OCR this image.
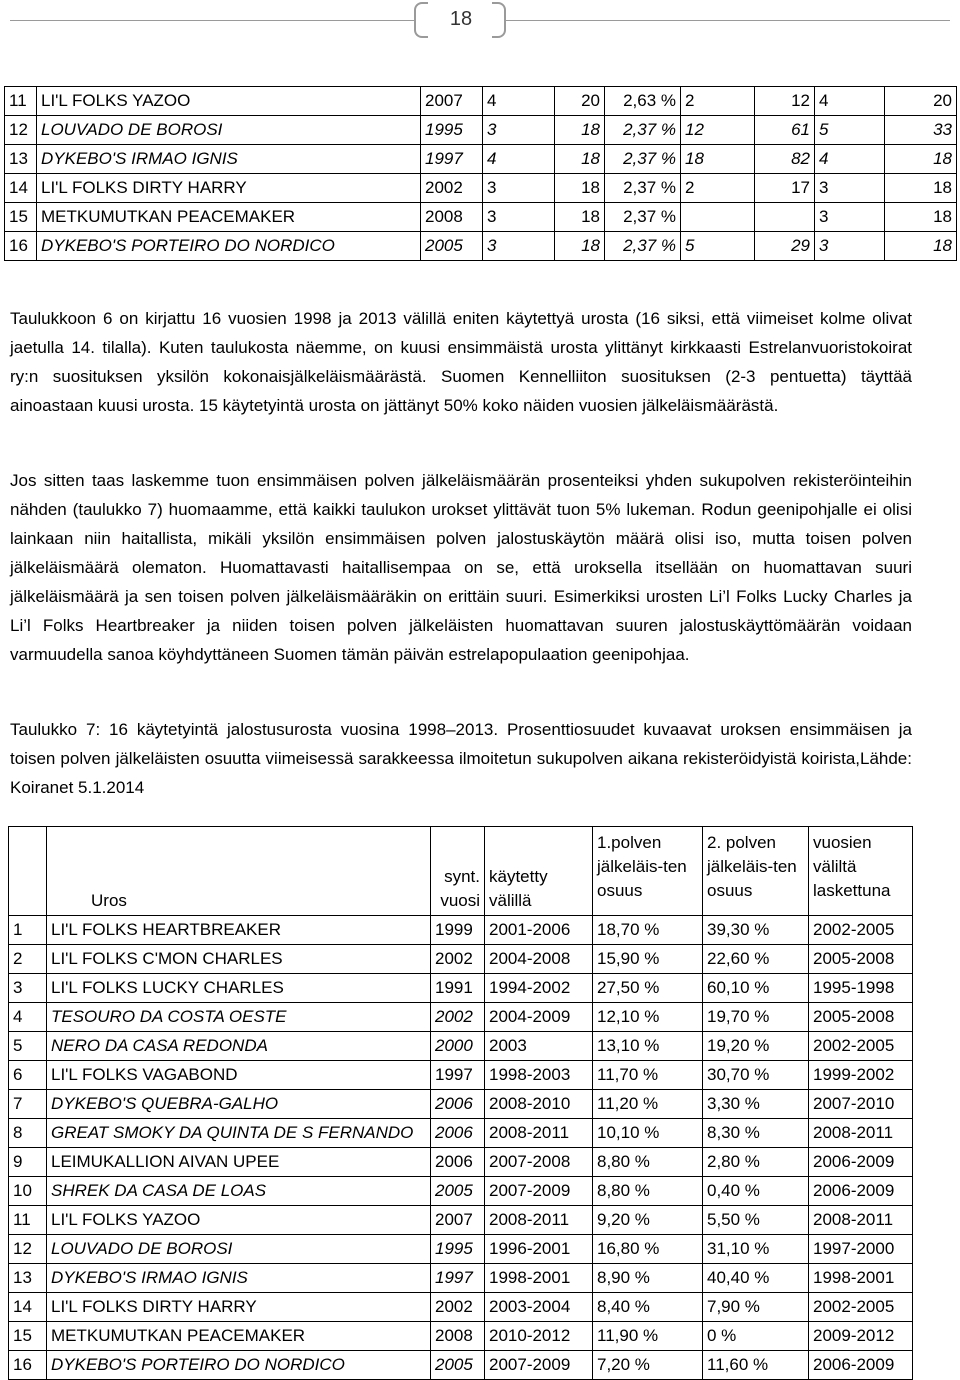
18
11	LI'L FOLKS YAZOO	2007	4	20	2,63 %	2	12	4	20
12	LOUVADO DE BOROSI	1995	3	18	2,37 %	12	61	5	33
13	DYKEBO'S IRMAO IGNIS	1997	4	18	2,37 %	18	82	4	18
14	LI'L FOLKS DIRTY HARRY	2002	3	18	2,37 %	2	17	3	18
15	METKUMUTKAN PEACEMAKER	2008	3	18	2,37 %			3	18
16	DYKEBO'S PORTEIRO DO NORDICO	2005	3	18	2,37 %	5	29	3	18

Taulukkoon 6 on kirjattu 16 vuosien 1998 ja 2013 välillä eniten käytettyä urosta (16 siksi, että viimeiset kolme olivat jaetulla 14. tilalla). Kuten taulukosta näemme, on kuusi ensimmäistä urosta ylittänyt kirkkaasti Estrelanvuoristokoirat ry:n suosituksen yksilön kokonaisjälkeläismäärästä. Suomen Kennelliiton suosituksen (2-3 pentuetta) täyttää ainoastaan kuusi urosta. 15 käytetyintä urosta on jättänyt 50% koko näiden vuosien jälkeläismäärästä.

Jos sitten taas laskemme tuon ensimmäisen polven jälkeläismäärän prosenteiksi yhden sukupolven rekisteröinteihin nähden (taulukko 7) huomaamme, että kaikki taulukon urokset ylittävät tuon 5% lukeman. Rodun geenipohjalle ei olisi lainkaan niin haitallista, mikäli yksilön ensimmäisen polven jalostuskäytön määrä olisi iso, mutta toisen polven jälkeläismäärä olematon. Huomattavasti haitallisempaa on se, että uroksella itsellään on huomattavan suuri jälkeläismäärä ja sen toisen polven jälkeläismääräkin on erittäin suuri. Esimerkiksi urosten Li’l Folks Lucky Charles ja Li’l Folks Heartbreaker ja niiden toisen polven jälkeläisten huomattavan suuren jalostuskäyttömäärän voidaan varmuudella sanoa köyhdyttäneen Suomen tämän päivän estrelapopulaation geenipohjaa.

Taulukko 7: 16 käytetyintä jalostusurosta vuosina 1998–2013. Prosenttiosuudet kuvaavat uroksen ensimmäisen ja toisen polven jälkeläisten osuutta viimeisessä sarakkeessa ilmoitetun sukupolven aikana rekisteröidyistä koirista,Lähde: Koiranet 5.1.2014

	Uros	synt. vuosi	käytetty välillä	1.polven jälkeläis-ten osuus	2. polven jälkeläis-ten osuus	vuosien väliltä laskettuna
1	LI'L FOLKS HEARTBREAKER	1999	2001-2006	18,70 %	39,30 %	2002-2005
2	LI'L FOLKS C'MON CHARLES	2002	2004-2008	15,90 %	22,60 %	2005-2008
3	LI'L FOLKS LUCKY CHARLES	1991	1994-2002	27,50 %	60,10 %	1995-1998
4	TESOURO DA COSTA OESTE	2002	2004-2009	12,10 %	19,70 %	2005-2008
5	NERO DA CASA REDONDA	2000	2003	13,10 %	19,20 %	2002-2005
6	LI'L FOLKS VAGABOND	1997	1998-2003	11,70 %	30,70 %	1999-2002
7	DYKEBO'S QUEBRA-GALHO	2006	2008-2010	11,20 %	3,30 %	2007-2010
8	GREAT SMOKY DA QUINTA DE S FERNANDO	2006	2008-2011	10,10 %	8,30 %	2008-2011
9	LEIMUKALLION AIVAN UPEE	2006	2007-2008	8,80 %	2,80 %	2006-2009
10	SHREK DA CASA DE LOAS	2005	2007-2009	8,80 %	0,40 %	2006-2009
11	LI'L FOLKS YAZOO	2007	2008-2011	9,20 %	5,50 %	2008-2011
12	LOUVADO DE BOROSI	1995	1996-2001	16,80 %	31,10 %	1997-2000
13	DYKEBO'S IRMAO IGNIS	1997	1998-2001	8,90 %	40,40 %	1998-2001
14	LI'L FOLKS DIRTY HARRY	2002	2003-2004	8,40 %	7,90 %	2002-2005
15	METKUMUTKAN PEACEMAKER	2008	2010-2012	11,90 %	0 %	2009-2012
16	DYKEBO'S PORTEIRO DO NORDICO	2005	2007-2009	7,20 %	11,60 %	2006-2009
